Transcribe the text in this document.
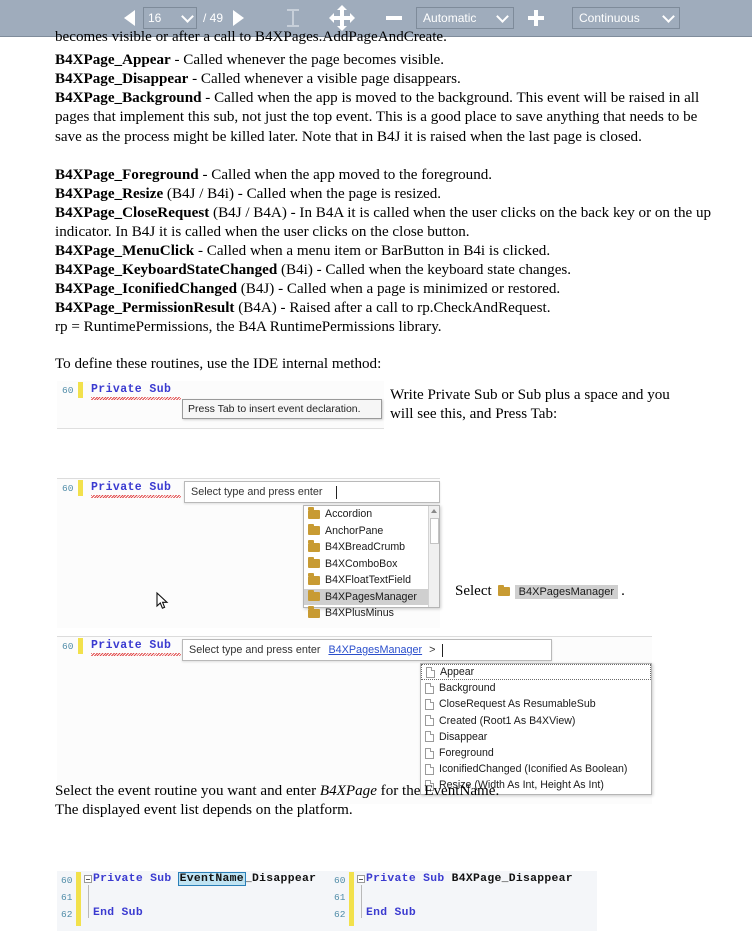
16	/ 49	Automatic	Continuous
becomes visible or after a call to B4XPages.AddPageAndCreate.
B4XPage_Appear - Called whenever the page becomes visible.
B4XPage_Disappear - Called whenever a visible page disappears.
B4XPage_Background - Called when the app is moved to the background. This event will be raised in all pages that implement this sub, not just the top event. This is a good place to save anything that needs to be save as the process might be killed later. Note that in B4J it is raised when the last page is closed.
B4XPage_Foreground - Called when the app moved to the foreground.
B4XPage_Resize (B4J / B4i) - Called when the page is resized.
B4XPage_CloseRequest (B4J / B4A) - In B4A it is called when the user clicks on the back key or on the up indicator. In B4J it is called when the user clicks on the close button.
B4XPage_MenuClick - Called when a menu item or BarButton in B4i is clicked.
B4XPage_KeyboardStateChanged (B4i) - Called when the keyboard state changes.
B4XPage_IconifiedChanged (B4J) - Called when a page is minimized or restored.
B4XPage_PermissionResult (B4A) - Raised after a call to rp.CheckAndRequest.
rp = RuntimePermissions, the B4A RuntimePermissions library.
To define these routines, use the IDE internal method:
60 Private Sub
Press Tab to insert event declaration.
Write Private Sub or Sub plus a space and you
will see this, and Press Tab:
60 Private Sub Select type and press enter
Accordion
AnchorPane
B4XBreadCrumb
B4XComboBox
B4XFloatTextField
B4XPagesManager
B4XPlusMinus
Select	B4XPagesManager .
60 Private Sub Select type and press enter B4XPagesManager >
Appear
Background
CloseRequest As ResumableSub
Created (Root1 As B4XView)
Disappear
Foreground
IconifiedChanged (Iconified As Boolean)
Resize (Width As Int, Height As Int)
Select the event routine you want and enter B4XPage for the EventName.
The displayed event list depends on the platform.
60
61
62
Private Sub EventName_Disappear
End Sub
60
61
62
Private Sub B4XPage_Disappear
End Sub
